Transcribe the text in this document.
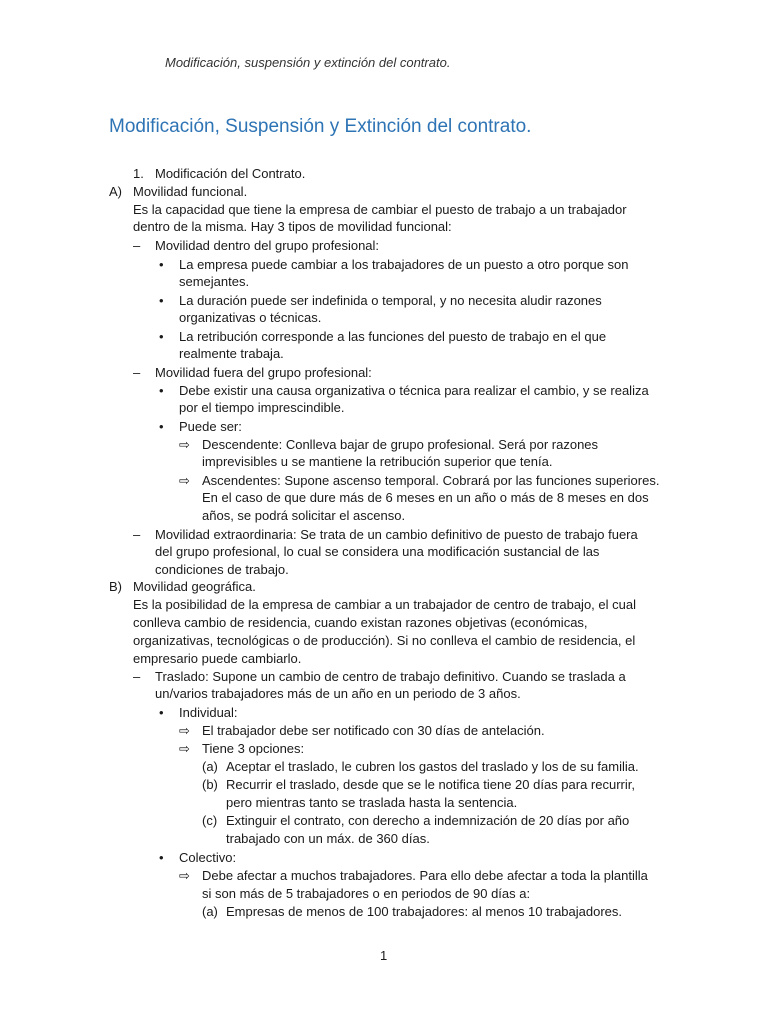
Modificación, suspensión y extinción del contrato.
Modificación, Suspensión y Extinción del contrato.
1. Modificación del Contrato.
A) Movilidad funcional.
Es la capacidad que tiene la empresa de cambiar el puesto de trabajo a un trabajador
dentro de la misma. Hay 3 tipos de movilidad funcional:
– Movilidad dentro del grupo profesional:
• La empresa puede cambiar a los trabajadores de un puesto a otro porque son
semejantes.
• La duración puede ser indefinida o temporal, y no necesita aludir razones
organizativas o técnicas.
• La retribución corresponde a las funciones del puesto de trabajo en el que
realmente trabaja.
– Movilidad fuera del grupo profesional:
• Debe existir una causa organizativa o técnica para realizar el cambio, y se realiza
por el tiempo imprescindible.
• Puede ser:
⇨ Descendente: Conlleva bajar de grupo profesional. Será por razones
imprevisibles u se mantiene la retribución superior que tenía.
⇨ Ascendentes: Supone ascenso temporal. Cobrará por las funciones superiores.
En el caso de que dure más de 6 meses en un año o más de 8 meses en dos
años, se podrá solicitar el ascenso.
– Movilidad extraordinaria: Se trata de un cambio definitivo de puesto de trabajo fuera
del grupo profesional, lo cual se considera una modificación sustancial de las
condiciones de trabajo.
B) Movilidad geográfica.
Es la posibilidad de la empresa de cambiar a un trabajador de centro de trabajo, el cual
conlleva cambio de residencia, cuando existan razones objetivas (económicas,
organizativas, tecnológicas o de producción). Si no conlleva el cambio de residencia, el
empresario puede cambiarlo.
– Traslado: Supone un cambio de centro de trabajo definitivo. Cuando se traslada a
un/varios trabajadores más de un año en un periodo de 3 años.
• Individual:
⇨ El trabajador debe ser notificado con 30 días de antelación.
⇨ Tiene 3 opciones:
(a) Aceptar el traslado, le cubren los gastos del traslado y los de su familia.
(b) Recurrir el traslado, desde que se le notifica tiene 20 días para recurrir,
pero mientras tanto se traslada hasta la sentencia.
(c) Extinguir el contrato, con derecho a indemnización de 20 días por año
trabajado con un máx. de 360 días.
• Colectivo:
⇨ Debe afectar a muchos trabajadores. Para ello debe afectar a toda la plantilla
si son más de 5 trabajadores o en periodos de 90 días a:
(a) Empresas de menos de 100 trabajadores: al menos 10 trabajadores.
1
